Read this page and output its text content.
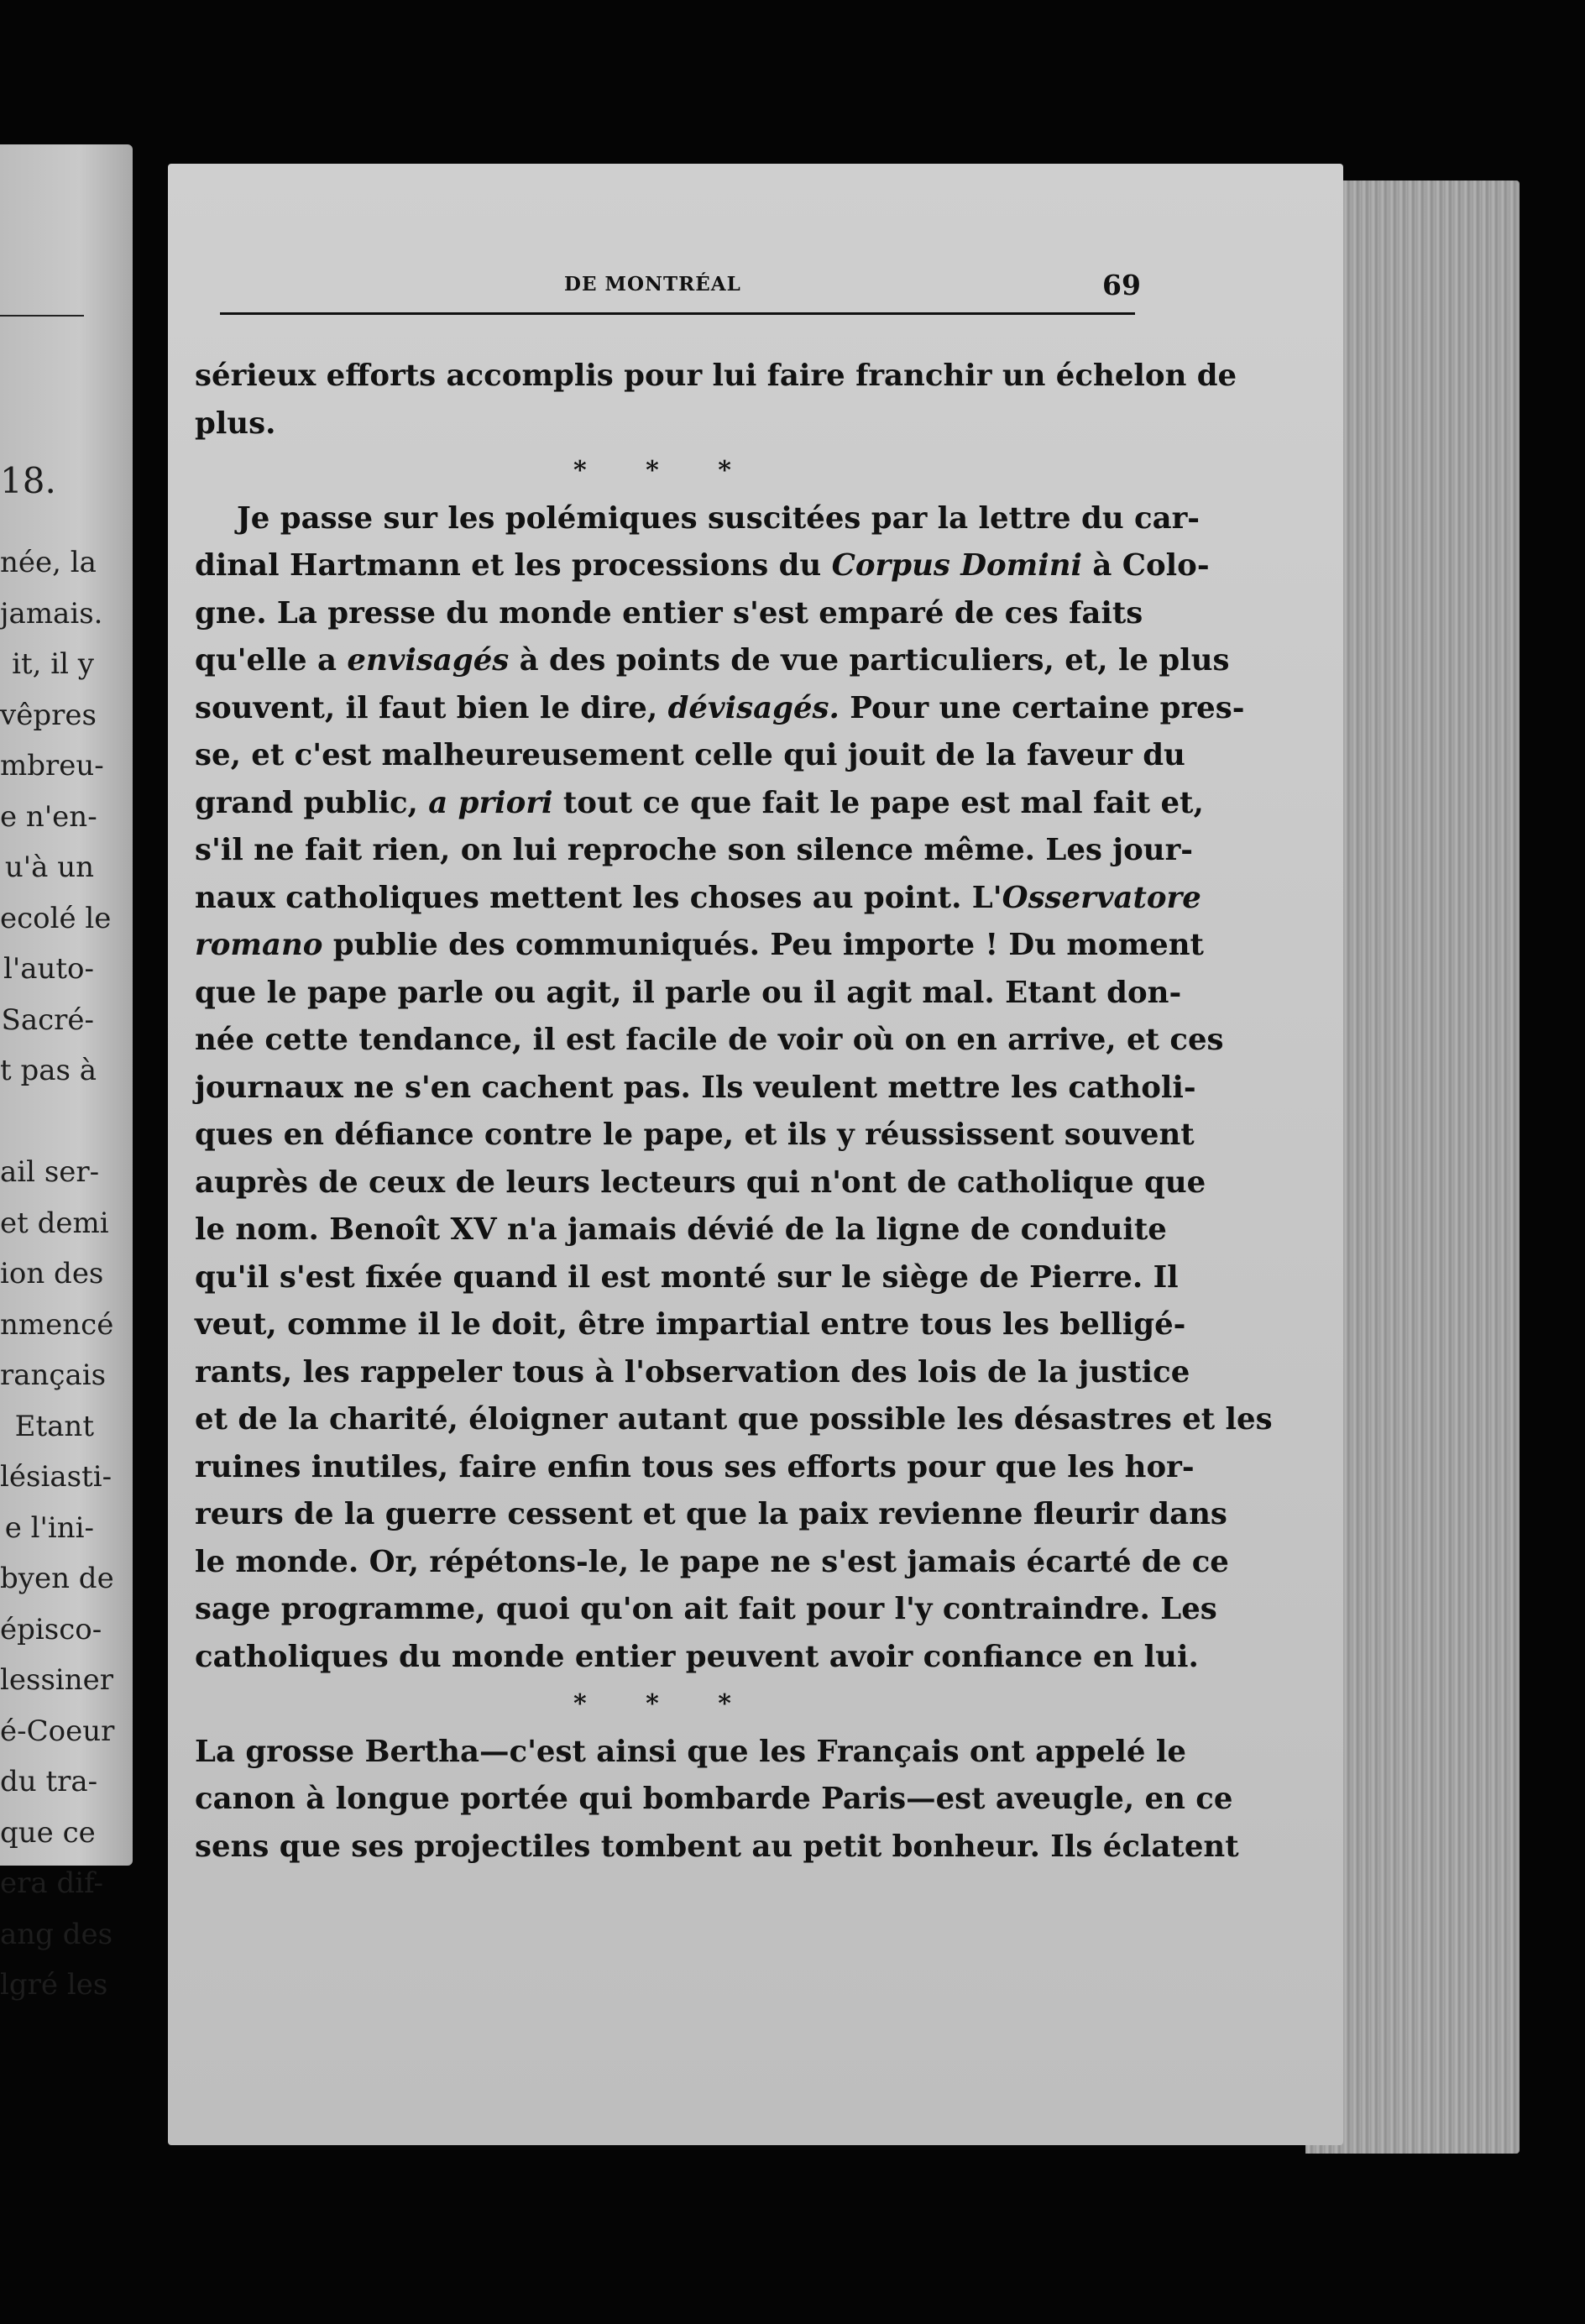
18.
née, la
jamais.
it, il y
vêpres
mbreu-
e n'en-
u'à un
ecolé le
l'auto-
Sacré-
t pas à
ail ser-
et demi
ion des
nmencé
rançais
Etant
lésiasti-
e l'ini-
byen de
épisco-
lessiner
é-Coeur
du tra-
que ce
era dif-
ang des
lgré les
DE MONTRÉAL	69
sérieux efforts accomplis pour lui faire franchir un échelon de
plus.
* * *
Je passe sur les polémiques suscitées par la lettre du car-
dinal Hartmann et les processions du Corpus Domini à Colo-
gne. La presse du monde entier s'est emparé de ces faits
qu'elle a envisagés à des points de vue particuliers, et, le plus
souvent, il faut bien le dire, dévisagés. Pour une certaine pres-
se, et c'est malheureusement celle qui jouit de la faveur du
grand public, a priori tout ce que fait le pape est mal fait et,
s'il ne fait rien, on lui reproche son silence même. Les jour-
naux catholiques mettent les choses au point. L'Osservatore
romano publie des communiqués. Peu importe ! Du moment
que le pape parle ou agit, il parle ou il agit mal. Etant don-
née cette tendance, il est facile de voir où on en arrive, et ces
journaux ne s'en cachent pas. Ils veulent mettre les catholi-
ques en défiance contre le pape, et ils y réussissent souvent
auprès de ceux de leurs lecteurs qui n'ont de catholique que
le nom. Benoît XV n'a jamais dévié de la ligne de conduite
qu'il s'est fixée quand il est monté sur le siège de Pierre. Il
veut, comme il le doit, être impartial entre tous les belligé-
rants, les rappeler tous à l'observation des lois de la justice
et de la charité, éloigner autant que possible les désastres et les
ruines inutiles, faire enfin tous ses efforts pour que les hor-
reurs de la guerre cessent et que la paix revienne fleurir dans
le monde. Or, répétons-le, le pape ne s'est jamais écarté de ce
sage programme, quoi qu'on ait fait pour l'y contraindre. Les
catholiques du monde entier peuvent avoir confiance en lui.
* * *
La grosse Bertha—c'est ainsi que les Français ont appelé le
canon à longue portée qui bombarde Paris—est aveugle, en ce
sens que ses projectiles tombent au petit bonheur. Ils éclatent
